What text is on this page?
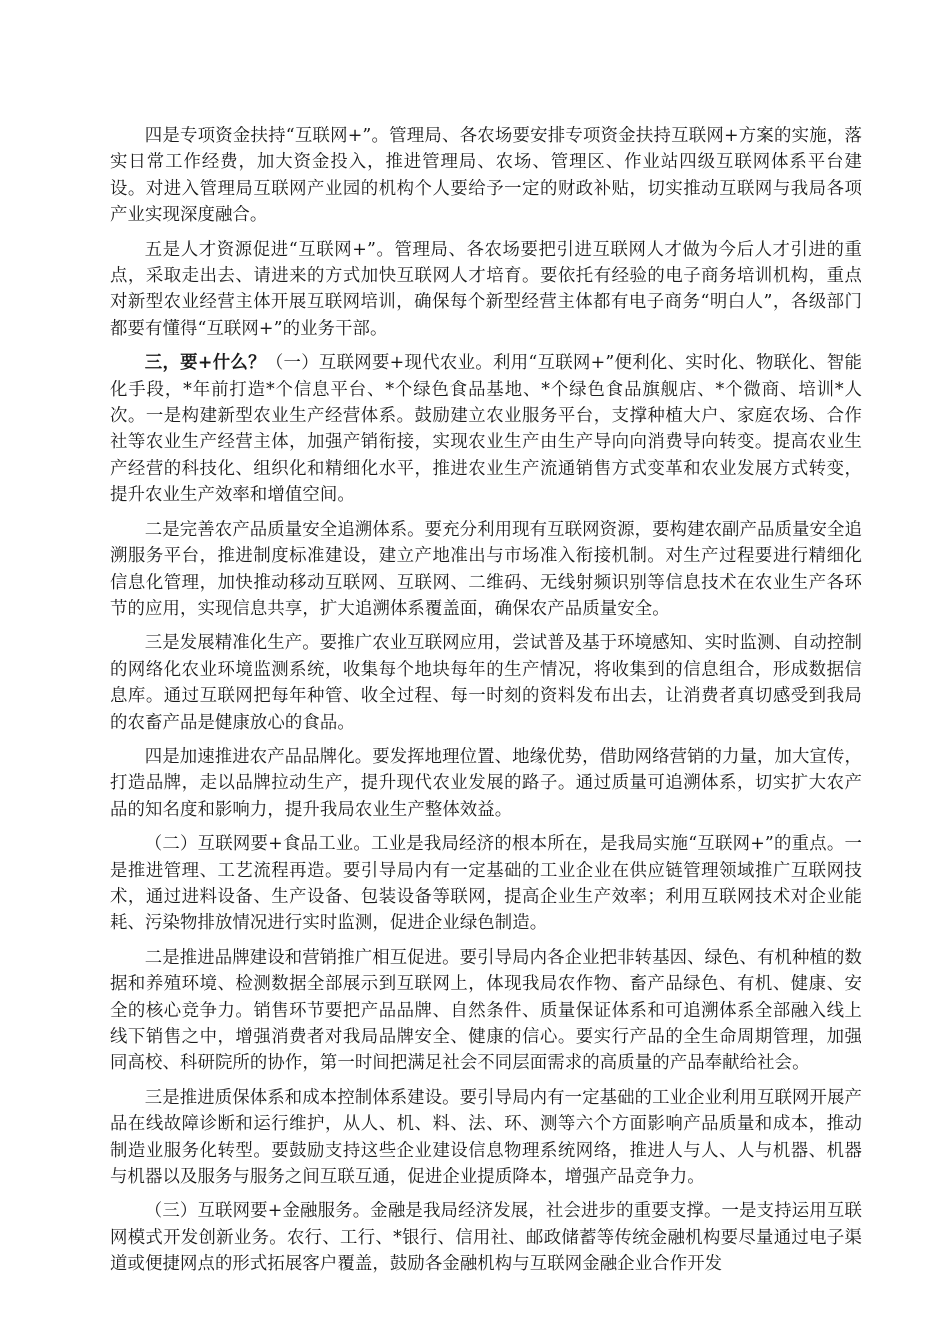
四是专项资金扶持“互联网+”。管理局、各农场要安排专项资金扶持互联网+方案的实施，落实日常工作经费，加大资金投入，推进管理局、农场、管理区、作业站四级互联网体系平台建设。对进入管理局互联网产业园的机构个人要给予一定的财政补贴，切实推动互联网与我局各项产业实现深度融合。

五是人才资源促进“互联网+”。管理局、各农场要把引进互联网人才做为今后人才引进的重点，采取走出去、请进来的方式加快互联网人才培育。要依托有经验的电子商务培训机构，重点对新型农业经营主体开展互联网培训，确保每个新型经营主体都有电子商务“明白人”，各级部门都要有懂得“互联网+”的业务干部。

三，要+什么？（一）互联网要+现代农业。利用“互联网+”便利化、实时化、物联化、智能化手段，*年前打造*个信息平台、*个绿色食品基地、*个绿色食品旗舰店、*个微商、培训*人次。一是构建新型农业生产经营体系。鼓励建立农业服务平台，支撑种植大户、家庭农场、合作社等农业生产经营主体，加强产销衔接，实现农业生产由生产导向向消费导向转变。提高农业生产经营的科技化、组织化和精细化水平，推进农业生产流通销售方式变革和农业发展方式转变，提升农业生产效率和增值空间。

二是完善农产品质量安全追溯体系。要充分利用现有互联网资源，要构建农副产品质量安全追溯服务平台，推进制度标准建设，建立产地准出与市场准入衔接机制。对生产过程要进行精细化信息化管理，加快推动移动互联网、互联网、二维码、无线射频识别等信息技术在农业生产各环节的应用，实现信息共享，扩大追溯体系覆盖面，确保农产品质量安全。

三是发展精准化生产。要推广农业互联网应用，尝试普及基于环境感知、实时监测、自动控制的网络化农业环境监测系统，收集每个地块每年的生产情况，将收集到的信息组合，形成数据信息库。通过互联网把每年种管、收全过程、每一时刻的资料发布出去，让消费者真切感受到我局的农畜产品是健康放心的食品。

四是加速推进农产品品牌化。要发挥地理位置、地缘优势，借助网络营销的力量，加大宣传，打造品牌，走以品牌拉动生产，提升现代农业发展的路子。通过质量可追溯体系，切实扩大农产品的知名度和影响力，提升我局农业生产整体效益。

（二）互联网要+食品工业。工业是我局经济的根本所在，是我局实施“互联网+”的重点。一是推进管理、工艺流程再造。要引导局内有一定基础的工业企业在供应链管理领域推广互联网技术，通过进料设备、生产设备、包装设备等联网，提高企业生产效率；利用互联网技术对企业能耗、污染物排放情况进行实时监测，促进企业绿色制造。

二是推进品牌建设和营销推广相互促进。要引导局内各企业把非转基因、绿色、有机种植的数据和养殖环境、检测数据全部展示到互联网上，体现我局农作物、畜产品绿色、有机、健康、安全的核心竞争力。销售环节要把产品品牌、自然条件、质量保证体系和可追溯体系全部融入线上线下销售之中，增强消费者对我局品牌安全、健康的信心。要实行产品的全生命周期管理，加强同高校、科研院所的协作，第一时间把满足社会不同层面需求的高质量的产品奉献给社会。

三是推进质保体系和成本控制体系建设。要引导局内有一定基础的工业企业利用互联网开展产品在线故障诊断和运行维护，从人、机、料、法、环、测等六个方面影响产品质量和成本，推动制造业服务化转型。要鼓励支持这些企业建设信息物理系统网络，推进人与人、人与机器、机器与机器以及服务与服务之间互联互通，促进企业提质降本，增强产品竞争力。

（三）互联网要+金融服务。金融是我局经济发展，社会进步的重要支撑。一是支持运用互联网模式开发创新业务。农行、工行、*银行、信用社、邮政储蓄等传统金融机构要尽量通过电子渠道或便捷网点的形式拓展客户覆盖，鼓励各金融机构与互联网金融企业合作开发
